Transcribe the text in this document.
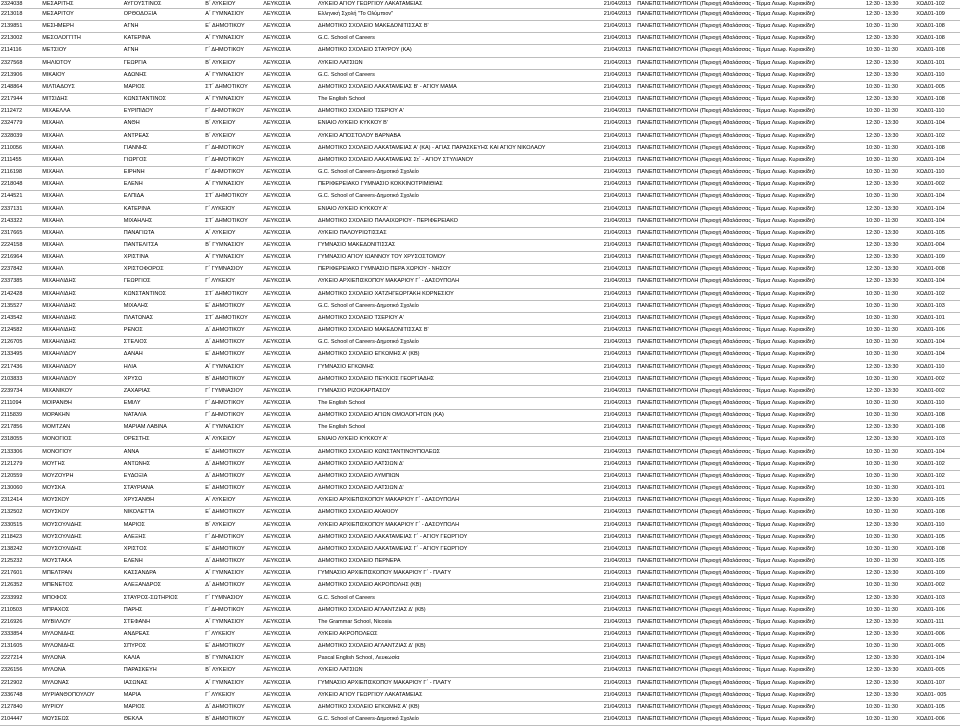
2324038	ΜΕΣΑΡΙΤΗΣ	ΑΥΓΟΥΣΤΙΝΟΣ	Β΄ ΛΥΚΕΙΟΥ	ΛΕΥΚΩΣΙΑ	ΛΥΚΕΙΟ ΑΓΙΟΥ ΓΕΩΡΓΙΟΥ ΛΑΚΑΤΑΜΕΙΑΣ	21/04/2013	ΠΑΝΕΠΙΣΤΗΜΙΟΥΠΟΛΗ (Περιοχή Αθαλάσσας - Τέρμα Λεωφ. Κυριακίδη)	12:30 - 13:30	ΧΩΔ01-102
2213018	ΜΕΣΑΡΙΤΟΥ	ΟΡΘΟΔΟΞΙΑ	Α΄ ΓΥΜΝΑΣΙΟΥ	ΛΕΥΚΩΣΙΑ	Ελληνική Σχολή "Το Ολύμπιον"	21/04/2013	ΠΑΝΕΠΙΣΤΗΜΙΟΥΠΟΛΗ (Περιοχή Αθαλάσσας - Τέρμα Λεωφ. Κυριακίδη)	12:30 - 13:30	ΧΩΔ01-109
2139851	ΜΕΣΗΜΕΡΗ	ΑΓΝΗ	Ε΄ ΔΗΜΟΤΙΚΟΥ	ΛΕΥΚΩΣΙΑ	ΔΗΜΟΤΙΚΟ ΣΧΟΛΕΙΟ ΜΑΚΕΔΟΝΙΤΙΣΣΑΣ Β'	21/04/2013	ΠΑΝΕΠΙΣΤΗΜΙΟΥΠΟΛΗ (Περιοχή Αθαλάσσας - Τέρμα Λεωφ. Κυριακίδη)	10:30 - 11:30	ΧΩΔ01-108
2213002	ΜΕΣΟΛΟΓΓΙΤΗ	ΚΑΤΕΡΙΝΑ	Α΄ ΓΥΜΝΑΣΙΟΥ	ΛΕΥΚΩΣΙΑ	G.C. School of Careers	21/04/2013	ΠΑΝΕΠΙΣΤΗΜΙΟΥΠΟΛΗ (Περιοχή Αθαλάσσας - Τέρμα Λεωφ. Κυριακίδη)	12:30 - 13:30	ΧΩΔ01-108
2114116	ΜΕΤΣΙΟΥ	ΑΓΝΗ	Γ΄ ΔΗΜΟΤΙΚΟΥ	ΛΕΥΚΩΣΙΑ	ΔΗΜΟΤΙΚΟ ΣΧΟΛΕΙΟ ΣΤΑΥΡΟΥ (ΚΑ)	21/04/2013	ΠΑΝΕΠΙΣΤΗΜΙΟΥΠΟΛΗ (Περιοχή Αθαλάσσας - Τέρμα Λεωφ. Κυριακίδη)	10:30 - 11:30	ΧΩΔ01-108
2327568	ΜΗΛΙΩΤΟΥ	ΓΕΩΡΓΙΑ	Β΄ ΛΥΚΕΙΟΥ	ΛΕΥΚΩΣΙΑ	ΛΥΚΕΙΟ ΛΑΤΣΙΩΝ	21/04/2013	ΠΑΝΕΠΙΣΤΗΜΙΟΥΠΟΛΗ (Περιοχή Αθαλάσσας - Τέρμα Λεωφ. Κυριακίδη)	12:30 - 13:30	ΧΩΔ01-101
2213906	ΜΙΚΑΙΟΥ	ΑΔΩΝΗΣ	Α΄ ΓΥΜΝΑΣΙΟΥ	ΛΕΥΚΩΣΙΑ	G.C. School of Careers	21/04/2013	ΠΑΝΕΠΙΣΤΗΜΙΟΥΠΟΛΗ (Περιοχή Αθαλάσσας - Τέρμα Λεωφ. Κυριακίδη)	12:30 - 13:30	ΧΩΔ01-110
2148864	ΜΙΛΤΙΑΔΟΥΣ	ΜΑΡΙΟΣ	ΣΤ΄ ΔΗΜΟΤΙΚΟΥ	ΛΕΥΚΩΣΙΑ	ΔΗΜΟΤΙΚΟ ΣΧΟΛΕΙΟ ΛΑΚΑΤΑΜΕΙΑΣ Β' - ΑΓΙΟΥ ΜΑΜΑ	21/04/2013	ΠΑΝΕΠΙΣΤΗΜΙΟΥΠΟΛΗ (Περιοχή Αθαλάσσας - Τέρμα Λεωφ. Κυριακίδη)	10:30 - 11:30	ΧΩΔ01-005
2217944	ΜΙΤΣΙΔΗΣ	ΚΩΝΣΤΑΝΤΙΝΟΣ	Α΄ ΓΥΜΝΑΣΙΟΥ	ΛΕΥΚΩΣΙΑ	The English School	21/04/2013	ΠΑΝΕΠΙΣΤΗΜΙΟΥΠΟΛΗ (Περιοχή Αθαλάσσας - Τέρμα Λεωφ. Κυριακίδη)	12:30 - 13:30	ΧΩΔ01-108
2112472	ΜΙΧΑΕΛΛΑ	ΕΥΡΙΠΙΔΟΥ	Γ΄ ΔΗΜΟΤΙΚΟΥ	ΛΕΥΚΩΣΙΑ	ΔΗΜΟΤΙΚΟ ΣΧΟΛΕΙΟ ΤΣΕΡΙΟΥ Α'	21/04/2013	ΠΑΝΕΠΙΣΤΗΜΙΟΥΠΟΛΗ (Περιοχή Αθαλάσσας - Τέρμα Λεωφ. Κυριακίδη)	10:30 - 11:30	ΧΩΔ01-110
2324779	ΜΙΧΑΗΛ	ΑΝΘΗ	Β΄ ΛΥΚΕΙΟΥ	ΛΕΥΚΩΣΙΑ	ΕΝΙΑΙΟ ΛΥΚΕΙΟ ΚΥΚΚΟΥ Β'	21/04/2013	ΠΑΝΕΠΙΣΤΗΜΙΟΥΠΟΛΗ (Περιοχή Αθαλάσσας - Τέρμα Λεωφ. Κυριακίδη)	12:30 - 13:30	ΧΩΔ01-104
2328039	ΜΙΧΑΗΛ	ΑΝΤΡΕΑΣ	Β΄ ΛΥΚΕΙΟΥ	ΛΕΥΚΩΣΙΑ	ΛΥΚΕΙΟ ΑΠΟΣΤΟΛΟΥ ΒΑΡΝΑΒΑ	21/04/2013	ΠΑΝΕΠΙΣΤΗΜΙΟΥΠΟΛΗ (Περιοχή Αθαλάσσας - Τέρμα Λεωφ. Κυριακίδη)	12:30 - 13:30	ΧΩΔ01-102
2110056	ΜΙΧΑΗΛ	ΓΙΑΝΝΗΣ	Γ΄ ΔΗΜΟΤΙΚΟΥ	ΛΕΥΚΩΣΙΑ	ΔΗΜΟΤΙΚΟ ΣΧΟΛΕΙΟ ΛΑΚΑΤΑΜΕΙΑΣ Α' (ΚΑ) - ΑΓΙΑΣ ΠΑΡΑΣΚΕΥΗΣ ΚΑΙ ΑΓΙΟΥ ΝΙΚΟΛΑΟΥ	21/04/2013	ΠΑΝΕΠΙΣΤΗΜΙΟΥΠΟΛΗ (Περιοχή Αθαλάσσας - Τέρμα Λεωφ. Κυριακίδη)	10:30 - 11:30	ΧΩΔ01-108
2111455	ΜΙΧΑΗΛ	ΓΙΩΡΓΟΣ	Γ΄ ΔΗΜΟΤΙΚΟΥ	ΛΕΥΚΩΣΙΑ	ΔΗΜΟΤΙΚΟ ΣΧΟΛΕΙΟ ΛΑΚΑΤΑΜΕΙΑΣ Στ΄ - ΑΓΙΟΥ ΣΤΥΛΙΑΝΟΥ	21/04/2013	ΠΑΝΕΠΙΣΤΗΜΙΟΥΠΟΛΗ (Περιοχή Αθαλάσσας - Τέρμα Λεωφ. Κυριακίδη)	10:30 - 11:30	ΧΩΔ01-104
2116198	ΜΙΧΑΗΛ	ΕΙΡΗΝΗ	Γ΄ ΔΗΜΟΤΙΚΟΥ	ΛΕΥΚΩΣΙΑ	G.C. School of Careers-Δημοτικό Σχολείο	21/04/2013	ΠΑΝΕΠΙΣΤΗΜΙΟΥΠΟΛΗ (Περιοχή Αθαλάσσας - Τέρμα Λεωφ. Κυριακίδη)	10:30 - 11:30	ΧΩΔ01-110
2218048	ΜΙΧΑΗΛ	ΕΛΕΝΗ	Α΄ ΓΥΜΝΑΣΙΟΥ	ΛΕΥΚΩΣΙΑ	ΠΕΡΙΦΕΡΕΙΑΚΟ ΓΥΜΝΑΣΙΟ ΚΟΚΚΙΝΟΤΡΙΜΙΘΙΑΣ	21/04/2013	ΠΑΝΕΠΙΣΤΗΜΙΟΥΠΟΛΗ (Περιοχή Αθαλάσσας - Τέρμα Λεωφ. Κυριακίδη)	12:30 - 13:30	ΧΩΔ01-002
2144521	ΜΙΧΑΗΛ	ΕΛΠΙΔΑ	ΣΤ΄ ΔΗΜΟΤΙΚΟΥ	ΛΕΥΚΩΣΙΑ	G.C. School of Careers-Δημοτικό Σχολείο	21/04/2013	ΠΑΝΕΠΙΣΤΗΜΙΟΥΠΟΛΗ (Περιοχή Αθαλάσσας - Τέρμα Λεωφ. Κυριακίδη)	10:30 - 11:30	ΧΩΔ01-104
2337131	ΜΙΧΑΗΛ	ΚΑΤΕΡΙΝΑ	Γ΄ ΛΥΚΕΙΟΥ	ΛΕΥΚΩΣΙΑ	ΕΝΙΑΙΟ ΛΥΚΕΙΟ ΚΥΚΚΟΥ Α'	21/04/2013	ΠΑΝΕΠΙΣΤΗΜΙΟΥΠΟΛΗ (Περιοχή Αθαλάσσας - Τέρμα Λεωφ. Κυριακίδη)	12:30 - 13:30	ΧΩΔ01-104
2143322	ΜΙΧΑΗΛ	ΜΙΧΑΗΛΗΣ	ΣΤ΄ ΔΗΜΟΤΙΚΟΥ	ΛΕΥΚΩΣΙΑ	ΔΗΜΟΤΙΚΟ ΣΧΟΛΕΙΟ ΠΑΛΑΙΧΩΡΙΟΥ - ΠΕΡΙΦΕΡΕΙΑΚΟ	21/04/2013	ΠΑΝΕΠΙΣΤΗΜΙΟΥΠΟΛΗ (Περιοχή Αθαλάσσας - Τέρμα Λεωφ. Κυριακίδη)	10:30 - 11:30	ΧΩΔ01-104
2317665	ΜΙΧΑΗΛ	ΠΑΝΑΓΙΩΤΑ	Α΄ ΛΥΚΕΙΟΥ	ΛΕΥΚΩΣΙΑ	ΛΥΚΕΙΟ ΠΑΛΟΥΡΙΩΤΙΣΣΑΣ	21/04/2013	ΠΑΝΕΠΙΣΤΗΜΙΟΥΠΟΛΗ (Περιοχή Αθαλάσσας - Τέρμα Λεωφ. Κυριακίδη)	12:30 - 13:30	ΧΩΔ01-105
2224158	ΜΙΧΑΗΛ	ΠΑΝΤΕΛΙΤΣΑ	Β΄ ΓΥΜΝΑΣΙΟΥ	ΛΕΥΚΩΣΙΑ	ΓΥΜΝΑΣΙΟ ΜΑΚΕΔΟΝΙΤΙΣΣΑΣ	21/04/2013	ΠΑΝΕΠΙΣΤΗΜΙΟΥΠΟΛΗ (Περιοχή Αθαλάσσας - Τέρμα Λεωφ. Κυριακίδη)	12:30 - 13:30	ΧΩΔ01-004
2216964	ΜΙΧΑΗΛ	ΧΡΙΣΤΙΝΑ	Α΄ ΓΥΜΝΑΣΙΟΥ	ΛΕΥΚΩΣΙΑ	ΓΥΜΝΑΣΙΟ ΑΓΙΟΥ ΙΩΑΝΝΟΥ ΤΟΥ ΧΡΥΣΟΣΤΟΜΟΥ	21/04/2013	ΠΑΝΕΠΙΣΤΗΜΙΟΥΠΟΛΗ (Περιοχή Αθαλάσσας - Τέρμα Λεωφ. Κυριακίδη)	12:30 - 13:30	ΧΩΔ01-109
2237842	ΜΙΧΑΗΛ	ΧΡΙΣΤΟΦΟΡΟΣ	Γ΄ ΓΥΜΝΑΣΙΟΥ	ΛΕΥΚΩΣΙΑ	ΠΕΡΙΦΕΡΕΙΑΚΟ ΓΥΜΝΑΣΙΟ ΠΕΡΑ ΧΩΡΙΟΥ - ΝΗΣΟΥ	21/04/2013	ΠΑΝΕΠΙΣΤΗΜΙΟΥΠΟΛΗ (Περιοχή Αθαλάσσας - Τέρμα Λεωφ. Κυριακίδη)	12:30 - 13:30	ΧΩΔ01-008
2337385	ΜΙΧΑΗΛΙΔΗΣ	ΓΕΩΡΓΙΟΣ	Γ΄ ΛΥΚΕΙΟΥ	ΛΕΥΚΩΣΙΑ	ΛΥΚΕΙΟ ΑΡΧΙΕΠΙΣΚΟΠΟΥ ΜΑΚΑΡΙΟΥ Γ΄ - ΔΑΣΟΥΠΟΛΗ	21/04/2013	ΠΑΝΕΠΙΣΤΗΜΙΟΥΠΟΛΗ (Περιοχή Αθαλάσσας - Τέρμα Λεωφ. Κυριακίδη)	12:30 - 13:30	ΧΩΔ01-104
2142428	ΜΙΧΑΗΛΙΔΗΣ	ΚΩΝΣΤΑΝΤΙΝΟΣ	ΣΤ΄ ΔΗΜΟΤΙΚΟΥ	ΛΕΥΚΩΣΙΑ	ΔΗΜΟΤΙΚΟ ΣΧΟΛΕΙΟ ΧΑΤΖΗΓΕΩΡΓΑΚΗ ΚΟΡΝΕΣΙΟΥ	21/04/2013	ΠΑΝΕΠΙΣΤΗΜΙΟΥΠΟΛΗ (Περιοχή Αθαλάσσας - Τέρμα Λεωφ. Κυριακίδη)	10:30 - 11:30	ΧΩΔ01-102
2135527	ΜΙΧΑΗΛΙΔΗΣ	ΜΙΧΑΛΗΣ	Ε΄ ΔΗΜΟΤΙΚΟΥ	ΛΕΥΚΩΣΙΑ	G.C. School of Careers-Δημοτικό Σχολείο	21/04/2013	ΠΑΝΕΠΙΣΤΗΜΙΟΥΠΟΛΗ (Περιοχή Αθαλάσσας - Τέρμα Λεωφ. Κυριακίδη)	10:30 - 11:30	ΧΩΔ01-103
2143542	ΜΙΧΑΗΛΙΔΗΣ	ΠΛΑΤΩΝΑΣ	ΣΤ΄ ΔΗΜΟΤΙΚΟΥ	ΛΕΥΚΩΣΙΑ	ΔΗΜΟΤΙΚΟ ΣΧΟΛΕΙΟ ΤΣΕΡΙΟΥ Α'	21/04/2013	ΠΑΝΕΠΙΣΤΗΜΙΟΥΠΟΛΗ (Περιοχή Αθαλάσσας - Τέρμα Λεωφ. Κυριακίδη)	10:30 - 11:30	ΧΩΔ01-101
2124582	ΜΙΧΑΗΛΙΔΗΣ	ΡΕΝΟΣ	Δ΄ ΔΗΜΟΤΙΚΟΥ	ΛΕΥΚΩΣΙΑ	ΔΗΜΟΤΙΚΟ ΣΧΟΛΕΙΟ ΜΑΚΕΔΟΝΙΤΙΣΣΑΣ Β'	21/04/2013	ΠΑΝΕΠΙΣΤΗΜΙΟΥΠΟΛΗ (Περιοχή Αθαλάσσας - Τέρμα Λεωφ. Κυριακίδη)	10:30 - 11:30	ΧΩΔ01-106
2126705	ΜΙΧΑΗΛΙΔΗΣ	ΣΤΕΛΙΟΣ	Δ΄ ΔΗΜΟΤΙΚΟΥ	ΛΕΥΚΩΣΙΑ	G.C. School of Careers-Δημοτικό Σχολείο	21/04/2013	ΠΑΝΕΠΙΣΤΗΜΙΟΥΠΟΛΗ (Περιοχή Αθαλάσσας - Τέρμα Λεωφ. Κυριακίδη)	10:30 - 11:30	ΧΩΔ01-104
2133495	ΜΙΧΑΗΛΙΔΟΥ	ΔΑΝΑΗ	Ε΄ ΔΗΜΟΤΙΚΟΥ	ΛΕΥΚΩΣΙΑ	ΔΗΜΟΤΙΚΟ ΣΧΟΛΕΙΟ ΕΓΚΩΜΗΣ Α' (ΚΒ)	21/04/2013	ΠΑΝΕΠΙΣΤΗΜΙΟΥΠΟΛΗ (Περιοχή Αθαλάσσας - Τέρμα Λεωφ. Κυριακίδη)	10:30 - 11:30	ΧΩΔ01-104
2217436	ΜΙΧΑΗΛΙΔΟΥ	ΗΛΙΑ	Α΄ ΓΥΜΝΑΣΙΟΥ	ΛΕΥΚΩΣΙΑ	ΓΥΜΝΑΣΙΟ ΕΓΚΩΜΗΣ	21/04/2013	ΠΑΝΕΠΙΣΤΗΜΙΟΥΠΟΛΗ (Περιοχή Αθαλάσσας - Τέρμα Λεωφ. Κυριακίδη)	12:30 - 13:30	ΧΩΔ01-110
2103833	ΜΙΧΑΗΛΙΔΟΥ	ΧΡΥΣΩ	Β΄ ΔΗΜΟΤΙΚΟΥ	ΛΕΥΚΩΣΙΑ	ΔΗΜΟΤΙΚΟ ΣΧΟΛΕΙΟ ΠΕΥΚΙΟΣ ΓΕΩΡΓΙΑΔΗΣ	21/04/2013	ΠΑΝΕΠΙΣΤΗΜΙΟΥΠΟΛΗ (Περιοχή Αθαλάσσας - Τέρμα Λεωφ. Κυριακίδη)	10:30 - 11:30	ΧΩΔ01-002
2239734	ΜΙΧΑΝΙΚΟΥ	ΖΑΧΑΡΙΑΣ	Γ΄ ΓΥΜΝΑΣΙΟΥ	ΛΕΥΚΩΣΙΑ	ΓΥΜΝΑΣΙΟ ΡΙΖΟΚΑΡΠΑΣΟΥ	21/04/2013	ΠΑΝΕΠΙΣΤΗΜΙΟΥΠΟΛΗ (Περιοχή Αθαλάσσας - Τέρμα Λεωφ. Κυριακίδη)	12:30 - 13:30	ΧΩΔ01-002
2111094	ΜΟΙΡΑΝΘΗ	ΕΜΙΛΥ	Γ΄ ΔΗΜΟΤΙΚΟΥ	ΛΕΥΚΩΣΙΑ	The English School	21/04/2013	ΠΑΝΕΠΙΣΤΗΜΙΟΥΠΟΛΗ (Περιοχή Αθαλάσσας - Τέρμα Λεωφ. Κυριακίδη)	10:30 - 11:30	ΧΩΔ01-110
2115839	ΜΟΡΑΚΗΝ	ΝΑΤΑΛΙΑ	Γ΄ ΔΗΜΟΤΙΚΟΥ	ΛΕΥΚΩΣΙΑ	ΔΗΜΟΤΙΚΟ ΣΧΟΛΕΙΟ ΑΓΙΩΝ ΟΜΟΛΟΓΗΤΩΝ (ΚΑ)	21/04/2013	ΠΑΝΕΠΙΣΤΗΜΙΟΥΠΟΛΗ (Περιοχή Αθαλάσσας - Τέρμα Λεωφ. Κυριακίδη)	10:30 - 11:30	ΧΩΔ01-108
2217856	ΜΟΜΤΖΑΝ	ΜΑΡΙΑΜ ΛΑΒΙΝΑ	Α΄ ΓΥΜΝΑΣΙΟΥ	ΛΕΥΚΩΣΙΑ	The English School	21/04/2013	ΠΑΝΕΠΙΣΤΗΜΙΟΥΠΟΛΗ (Περιοχή Αθαλάσσας - Τέρμα Λεωφ. Κυριακίδη)	12:30 - 13:30	ΧΩΔ01-108
2318055	ΜΟΝΟΓΙΟΣ	ΟΡΕΣΤΗΣ	Α΄ ΛΥΚΕΙΟΥ	ΛΕΥΚΩΣΙΑ	ΕΝΙΑΙΟ ΛΥΚΕΙΟ ΚΥΚΚΟΥ Α'	21/04/2013	ΠΑΝΕΠΙΣΤΗΜΙΟΥΠΟΛΗ (Περιοχή Αθαλάσσας - Τέρμα Λεωφ. Κυριακίδη)	12:30 - 13:30	ΧΩΔ01-103
2133306	ΜΟΝΟΓΙΟΥ	ΑΝΝΑ	Ε΄ ΔΗΜΟΤΙΚΟΥ	ΛΕΥΚΩΣΙΑ	ΔΗΜΟΤΙΚΟ ΣΧΟΛΕΙΟ ΚΩΝΣΤΑΝΤΙΝΟΥΠΟΛΕΩΣ	21/04/2013	ΠΑΝΕΠΙΣΤΗΜΙΟΥΠΟΛΗ (Περιοχή Αθαλάσσας - Τέρμα Λεωφ. Κυριακίδη)	10:30 - 11:30	ΧΩΔ01-104
2121279	ΜΟΥΓΗΣ	ΑΝΤΩΝΗΣ	Δ΄ ΔΗΜΟΤΙΚΟΥ	ΛΕΥΚΩΣΙΑ	ΔΗΜΟΤΙΚΟ ΣΧΟΛΕΙΟ ΛΑΤΣΙΩΝ Δ'	21/04/2013	ΠΑΝΕΠΙΣΤΗΜΙΟΥΠΟΛΗ (Περιοχή Αθαλάσσας - Τέρμα Λεωφ. Κυριακίδη)	10:30 - 11:30	ΧΩΔ01-102
2120559	ΜΟΥΖΟΥΡΗ	ΕΥΔΟΞΙΑ	Δ΄ ΔΗΜΟΤΙΚΟΥ	ΛΕΥΚΩΣΙΑ	ΔΗΜΟΤΙΚΟ ΣΧΟΛΕΙΟ ΛΥΜΠΙΩΝ	21/04/2013	ΠΑΝΕΠΙΣΤΗΜΙΟΥΠΟΛΗ (Περιοχή Αθαλάσσας - Τέρμα Λεωφ. Κυριακίδη)	10:30 - 11:30	ΧΩΔ01-102
2130060	ΜΟΥΣΚΑ	ΣΤΑΥΡΙΑΝΑ	Ε΄ ΔΗΜΟΤΙΚΟΥ	ΛΕΥΚΩΣΙΑ	ΔΗΜΟΤΙΚΟ ΣΧΟΛΕΙΟ ΛΑΤΣΙΩΝ Δ'	21/04/2013	ΠΑΝΕΠΙΣΤΗΜΙΟΥΠΟΛΗ (Περιοχή Αθαλάσσας - Τέρμα Λεωφ. Κυριακίδη)	10:30 - 11:30	ΧΩΔ01-101
2312414	ΜΟΥΣΚΟΥ	ΧΡΥΣΑΝΘΗ	Α΄ ΛΥΚΕΙΟΥ	ΛΕΥΚΩΣΙΑ	ΛΥΚΕΙΟ ΑΡΧΙΕΠΙΣΚΟΠΟΥ ΜΑΚΑΡΙΟΥ Γ΄ - ΔΑΣΟΥΠΟΛΗ	21/04/2013	ΠΑΝΕΠΙΣΤΗΜΙΟΥΠΟΛΗ (Περιοχή Αθαλάσσας - Τέρμα Λεωφ. Κυριακίδη)	12:30 - 13:30	ΧΩΔ01-105
2132502	ΜΟΥΣΚΟΥ	ΝΙΚΟΛΕΤΤΑ	Ε΄ ΔΗΜΟΤΙΚΟΥ	ΛΕΥΚΩΣΙΑ	ΔΗΜΟΤΙΚΟ ΣΧΟΛΕΙΟ ΑΚΑΚΙΟΥ	21/04/2013	ΠΑΝΕΠΙΣΤΗΜΙΟΥΠΟΛΗ (Περιοχή Αθαλάσσας - Τέρμα Λεωφ. Κυριακίδη)	10:30 - 11:30	ΧΩΔ01-108
2330515	ΜΟΥΣΟΥΛΙΔΗΣ	ΜΑΡΙΟΣ	Β΄ ΛΥΚΕΙΟΥ	ΛΕΥΚΩΣΙΑ	ΛΥΚΕΙΟ ΑΡΧΙΕΠΙΣΚΟΠΟΥ ΜΑΚΑΡΙΟΥ Γ΄ - ΔΑΣΟΥΠΟΛΗ	21/04/2013	ΠΑΝΕΠΙΣΤΗΜΙΟΥΠΟΛΗ (Περιοχή Αθαλάσσας - Τέρμα Λεωφ. Κυριακίδη)	12:30 - 13:30	ΧΩΔ01-110
2118423	ΜΟΥΣΟΥΛΙΔΗΣ	ΑΛΕΞΗΣ	Γ΄ ΔΗΜΟΤΙΚΟΥ	ΛΕΥΚΩΣΙΑ	ΔΗΜΟΤΙΚΟ ΣΧΟΛΕΙΟ ΛΑΚΑΤΑΜΕΙΑΣ Γ΄ - ΑΓΙΟΥ ΓΕΩΡΓΙΟΥ	21/04/2013	ΠΑΝΕΠΙΣΤΗΜΙΟΥΠΟΛΗ (Περιοχή Αθαλάσσας - Τέρμα Λεωφ. Κυριακίδη)	10:30 - 11:30	ΧΩΔ01-105
2138242	ΜΟΥΣΟΥΛΙΔΗΣ	ΧΡΙΣΤΟΣ	Ε΄ ΔΗΜΟΤΙΚΟΥ	ΛΕΥΚΩΣΙΑ	ΔΗΜΟΤΙΚΟ ΣΧΟΛΕΙΟ ΛΑΚΑΤΑΜΕΙΑΣ Γ΄ - ΑΓΙΟΥ ΓΕΩΡΓΙΟΥ	21/04/2013	ΠΑΝΕΠΙΣΤΗΜΙΟΥΠΟΛΗ (Περιοχή Αθαλάσσας - Τέρμα Λεωφ. Κυριακίδη)	10:30 - 11:30	ΧΩΔ01-108
2125232	ΜΟΥΣΤΑΚΑ	ΕΛΕΝΗ	Δ΄ ΔΗΜΟΤΙΚΟΥ	ΛΕΥΚΩΣΙΑ	ΔΗΜΟΤΙΚΟ ΣΧΟΛΕΙΟ ΠΕΡΝΕΡΑ	21/04/2013	ΠΑΝΕΠΙΣΤΗΜΙΟΥΠΟΛΗ (Περιοχή Αθαλάσσας - Τέρμα Λεωφ. Κυριακίδη)	10:30 - 11:30	ΧΩΔ01-105
2217601	ΜΠΕΛΤΡΑΝ	ΚΑΣΣΑΝΔΡΑ	Α΄ ΓΥΜΝΑΣΙΟΥ	ΛΕΥΚΩΣΙΑ	ΓΥΜΝΑΣΙΟ ΑΡΧΙΕΠΙΣΚΟΠΟΥ ΜΑΚΑΡΙΟΥ Γ΄ - ΠΛΑΤΥ	21/04/2013	ΠΑΝΕΠΙΣΤΗΜΙΟΥΠΟΛΗ (Περιοχή Αθαλάσσας - Τέρμα Λεωφ. Κυριακίδη)	12:30 - 13:30	ΧΩΔ01-109
2126352	ΜΠΕΝΕΤΟΣ	ΑΛΕΞΑΝΔΡΟΣ	Δ΄ ΔΗΜΟΤΙΚΟΥ	ΛΕΥΚΩΣΙΑ	ΔΗΜΟΤΙΚΟ ΣΧΟΛΕΙΟ ΑΚΡΟΠΟΛΗΣ (ΚΒ)	21/04/2013	ΠΑΝΕΠΙΣΤΗΜΙΟΥΠΟΛΗ (Περιοχή Αθαλάσσας - Τέρμα Λεωφ. Κυριακίδη)	10:30 - 11:30	ΧΩΔ01-002
2233992	ΜΠΟΦΟΣ	ΣΤΑΥΡΟΣ-ΣΩΤΗΡΙΟΣ	Γ΄ ΓΥΜΝΑΣΙΟΥ	ΛΕΥΚΩΣΙΑ	G.C. School of Careers	21/04/2013	ΠΑΝΕΠΙΣΤΗΜΙΟΥΠΟΛΗ (Περιοχή Αθαλάσσας - Τέρμα Λεωφ. Κυριακίδη)	12:30 - 13:30	ΧΩΔ01-103
2110503	ΜΠΡΑΧΟΣ	ΠΑΡΗΣ	Γ΄ ΔΗΜΟΤΙΚΟΥ	ΛΕΥΚΩΣΙΑ	ΔΗΜΟΤΙΚΟ ΣΧΟΛΕΙΟ ΑΓΛΑΝΤΖΙΑΣ Δ' (ΚΒ)	21/04/2013	ΠΑΝΕΠΙΣΤΗΜΙΟΥΠΟΛΗ (Περιοχή Αθαλάσσας - Τέρμα Λεωφ. Κυριακίδη)	10:30 - 11:30	ΧΩΔ01-106
2216926	ΜΥΒΙΛΛΟΥ	ΣΤΕΦΑΝΗ	Α΄ ΓΥΜΝΑΣΙΟΥ	ΛΕΥΚΩΣΙΑ	The Grammar School, Nicosia	21/04/2013	ΠΑΝΕΠΙΣΤΗΜΙΟΥΠΟΛΗ (Περιοχή Αθαλάσσας - Τέρμα Λεωφ. Κυριακίδη)	12:30 - 13:30	ΧΩΔ01-111
2333854	ΜΥΛΩΝΙΔΗΣ	ΑΝΔΡΕΑΣ	Γ΄ ΛΥΚΕΙΟΥ	ΛΕΥΚΩΣΙΑ	ΛΥΚΕΙΟ ΑΚΡΟΠΟΛΕΩΣ	21/04/2013	ΠΑΝΕΠΙΣΤΗΜΙΟΥΠΟΛΗ (Περιοχή Αθαλάσσας - Τέρμα Λεωφ. Κυριακίδη)	12:30 - 13:30	ΧΩΔ01-006
2131605	ΜΥΛΩΝΙΔΗΣ	ΣΠΥΡΟΣ	Ε΄ ΔΗΜΟΤΙΚΟΥ	ΛΕΥΚΩΣΙΑ	ΔΗΜΟΤΙΚΟ ΣΧΟΛΕΙΟ ΑΓΛΑΝΤΖΙΑΣ Δ' (ΚΒ)	21/04/2013	ΠΑΝΕΠΙΣΤΗΜΙΟΥΠΟΛΗ (Περιοχή Αθαλάσσας - Τέρμα Λεωφ. Κυριακίδη)	10:30 - 11:30	ΧΩΔ01-005
2227214	ΜΥΛΩΝΑ	ΚΑΛΙΑ	Β΄ ΓΥΜΝΑΣΙΟΥ	ΛΕΥΚΩΣΙΑ	Pascal English School, Λευκωσία	21/04/2013	ΠΑΝΕΠΙΣΤΗΜΙΟΥΠΟΛΗ (Περιοχή Αθαλάσσας - Τέρμα Λεωφ. Κυριακίδη)	12:30 - 13:30	ΧΩΔ01-104
2326156	ΜΥΛΩΝΑ	ΠΑΡΑΣΚΕΥΗ	Β΄ ΛΥΚΕΙΟΥ	ΛΕΥΚΩΣΙΑ	ΛΥΚΕΙΟ ΛΑΤΣΙΩΝ	21/04/2013	ΠΑΝΕΠΙΣΤΗΜΙΟΥΠΟΛΗ (Περιοχή Αθαλάσσας - Τέρμα Λεωφ. Κυριακίδη)	12:30 - 13:30	ΧΩΔ01-005
2212902	ΜΥΛΩΝΑΣ	ΙΑΣΩΝΑΣ	Α΄ ΓΥΜΝΑΣΙΟΥ	ΛΕΥΚΩΣΙΑ	ΓΥΜΝΑΣΙΟ ΑΡΧΙΕΠΙΣΚΟΠΟΥ ΜΑΚΑΡΙΟΥ Γ΄ - ΠΛΑΤΥ	21/04/2013	ΠΑΝΕΠΙΣΤΗΜΙΟΥΠΟΛΗ (Περιοχή Αθαλάσσας - Τέρμα Λεωφ. Κυριακίδη)	12:30 - 13:30	ΧΩΔ01-107
2336748	ΜΥΡΙΑΝΘΟΠΟΥΛΟΥ	ΜΑΡΙΑ	Γ΄ ΛΥΚΕΙΟΥ	ΛΕΥΚΩΣΙΑ	ΛΥΚΕΙΟ ΑΓΙΟΥ ΓΕΩΡΓΙΟΥ ΛΑΚΑΤΑΜΕΙΑΣ	21/04/2013	ΠΑΝΕΠΙΣΤΗΜΙΟΥΠΟΛΗ (Περιοχή Αθαλάσσας - Τέρμα Λεωφ. Κυριακίδη)	12:30 - 13:30	ΧΩΔ01- 005
2127840	ΜΥΡΙΟΥ	ΜΑΡΙΟΣ	Δ΄ ΔΗΜΟΤΙΚΟΥ	ΛΕΥΚΩΣΙΑ	ΔΗΜΟΤΙΚΟ ΣΧΟΛΕΙΟ ΕΓΚΩΜΗΣ Α' (ΚΒ)	21/04/2013	ΠΑΝΕΠΙΣΤΗΜΙΟΥΠΟΛΗ (Περιοχή Αθαλάσσας - Τέρμα Λεωφ. Κυριακίδη)	10:30 - 11:30	ΧΩΔ01-105
2104447	ΜΩΥΣΕΩΣ	ΘΕΚΛΑ	Β΄ ΔΗΜΟΤΙΚΟΥ	ΛΕΥΚΩΣΙΑ	G.C. School of Careers-Δημοτικό Σχολείο	21/04/2013	ΠΑΝΕΠΙΣΤΗΜΙΟΥΠΟΛΗ (Περιοχή Αθαλάσσας - Τέρμα Λεωφ. Κυριακίδη)	10:30 - 11:30	ΧΩΔ01-006
